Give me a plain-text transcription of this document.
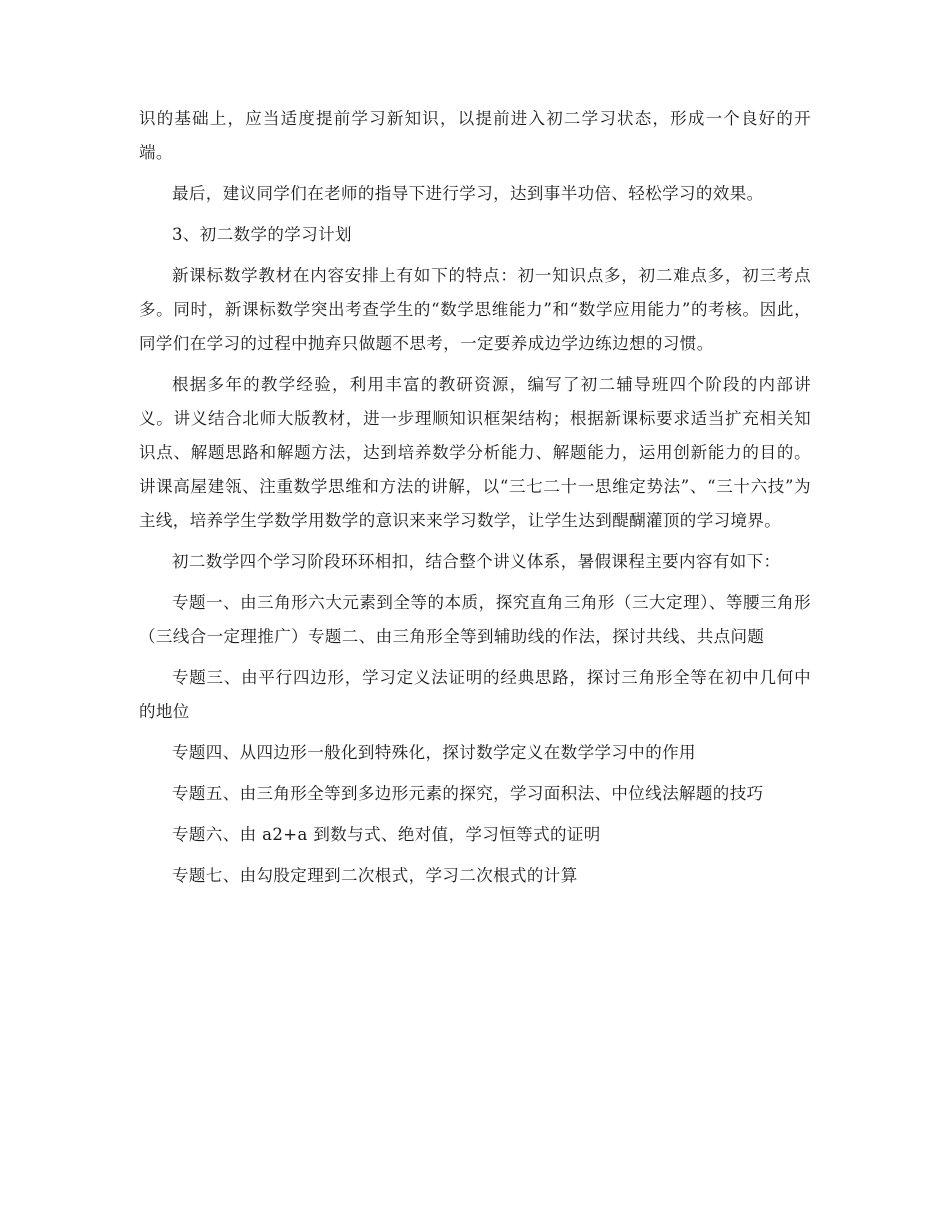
识的基础上，应当适度提前学习新知识，以提前进入初二学习状态，形成一个良好的开端。

最后，建议同学们在老师的指导下进行学习，达到事半功倍、轻松学习的效果。

3、初二数学的学习计划

新课标数学教材在内容安排上有如下的特点：初一知识点多，初二难点多，初三考点多。同时，新课标数学突出考查学生的“数学思维能力”和“数学应用能力”的考核。因此，同学们在学习的过程中抛弃只做题不思考，一定要养成边学边练边想的习惯。

根据多年的教学经验，利用丰富的教研资源，编写了初二辅导班四个阶段的内部讲义。讲义结合北师大版教材，进一步理顺知识框架结构；根据新课标要求适当扩充相关知识点、解题思路和解题方法，达到培养数学分析能力、解题能力，运用创新能力的目的。讲课高屋建瓴、注重数学思维和方法的讲解，以“三七二十一思维定势法”、“三十六技”为主线，培养学生学数学用数学的意识来来学习数学，让学生达到醍醐灌顶的学习境界。

初二数学四个学习阶段环环相扣，结合整个讲义体系，暑假课程主要内容有如下：

专题一、由三角形六大元素到全等的本质，探究直角三角形（三大定理）、等腰三角形（三线合一定理推广）专题二、由三角形全等到辅助线的作法，探讨共线、共点问题

专题三、由平行四边形，学习定义法证明的经典思路，探讨三角形全等在初中几何中的地位

专题四、从四边形一般化到特殊化，探讨数学定义在数学学习中的作用

专题五、由三角形全等到多边形元素的探究，学习面积法、中位线法解题的技巧

专题六、由 a2+a 到数与式、绝对值，学习恒等式的证明

专题七、由勾股定理到二次根式，学习二次根式的计算
